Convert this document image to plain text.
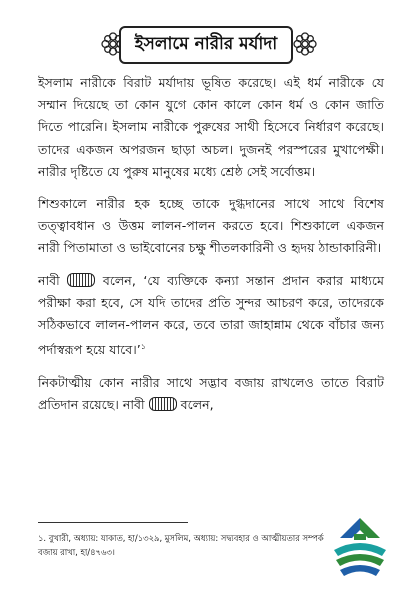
ইসলামে নারীর মর্যাদা

ইসলাম নারীকে বিরাট মর্যাদায় ভূষিত করেছে। এই ধর্ম নারীকে যে সম্মান দিয়েছে তা কোন যুগে কোন কালে কোন ধর্ম ও কোন জাতি দিতে পারেনি। ইসলাম নারীকে পুরুষের সাথী হিসেবে নির্ধারণ করেছে। তাদের একজন অপরজন ছাড়া অচল। দুজনই পরস্পরের মুখাপেক্ষী। নারীর দৃষ্টিতে যে পুরুষ মানুষের মধ্যে শ্রেষ্ঠ সেই সর্বোত্তম।

শিশুকালে নারীর হক হচ্ছে তাকে দুগ্ধদানের সাথে সাথে বিশেষ তত্ত্বাবধান ও উত্তম লালন-পালন করতে হবে। শিশুকালে একজন নারী পিতামাতা ও ভাইবোনের চক্ষু শীতলকারিনী ও হৃদয় ঠান্ডাকারিনী।

নাবী	বলেন, ‘যে ব্যক্তিকে কন্যা সন্তান প্রদান করার মাধ্যমে পরীক্ষা করা হবে, সে যদি তাদের প্রতি সুন্দর আচরণ করে, তাদেরকে সঠিকভাবে লালন-পালন করে, তবে তারা জাহান্নাম থেকে বাঁচার জন্য পর্দাস্বরূপ হয়ে যাবে।’$^১$

নিকটাত্মীয় কোন নারীর সাথে সদ্ভাব বজায় রাখলেও তাতে বিরাট প্রতিদান রয়েছে। নাবী	বলেন,

১. বুখারী, অধ্যায়: যাকাত, হা/১৩২৯, মুসলিম, অধ্যায়: সদ্ব্যবহার ও আত্মীয়তার সম্পর্ক বজায় রাখা, হা/৪৭৬৩।
